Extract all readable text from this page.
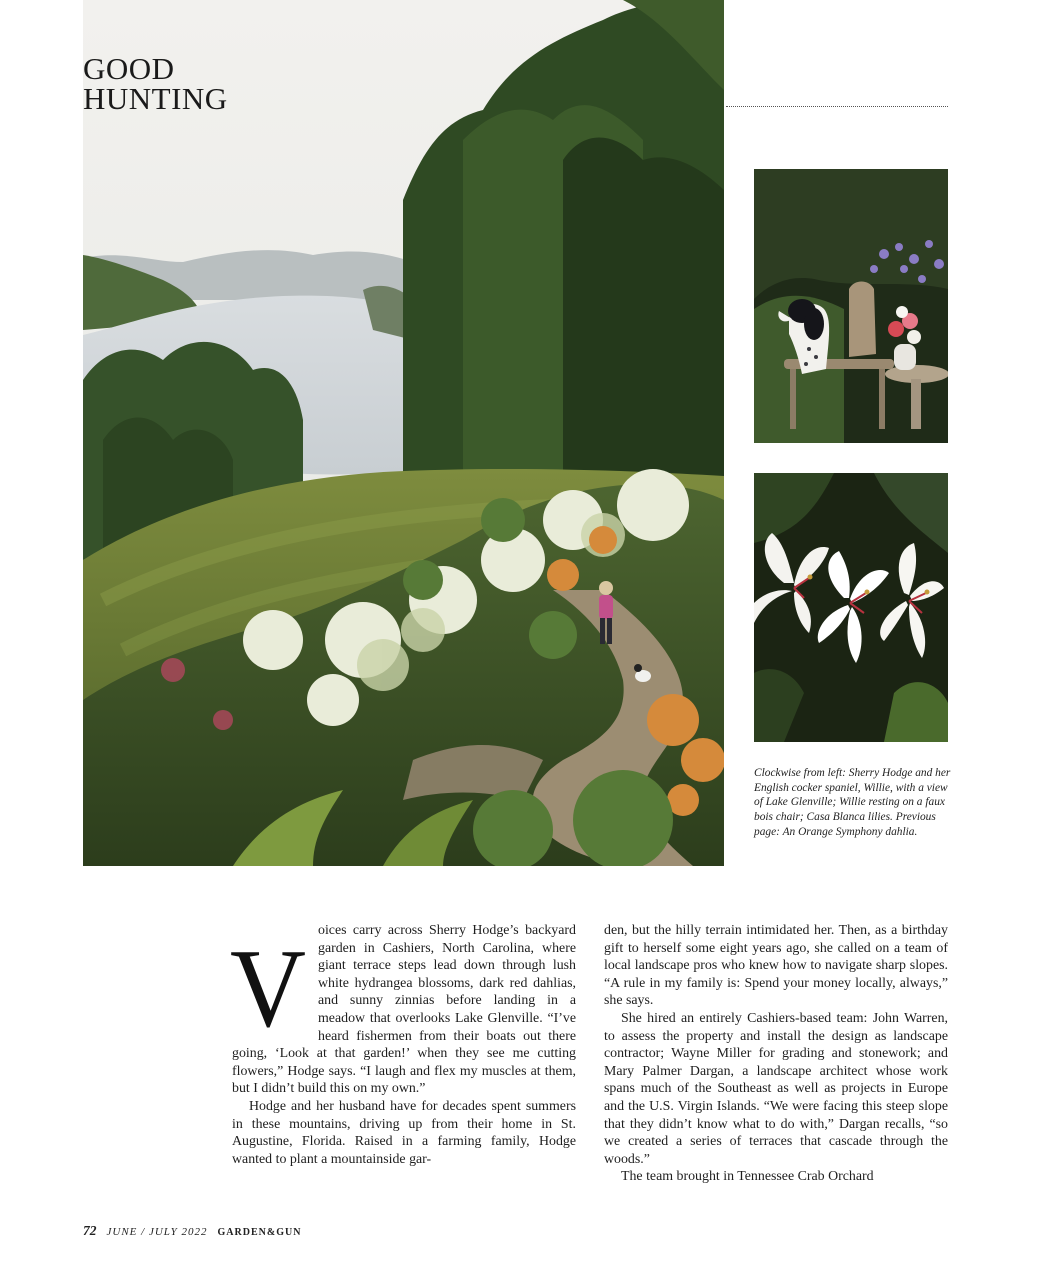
GOOD
HUNTING
Clockwise from left: Sherry Hodge and her English cocker spaniel, Willie, with a view of Lake Glenville; Willie resting on a faux bois chair; Casa Blanca lilies. Previous page: An Orange Symphony dahlia.
V oices carry across Sherry Hodge’s backyard garden in Cashiers, North Carolina, where giant terrace steps lead down through lush white hydrangea blossoms, dark red dahlias, and sunny zinnias before landing in a meadow that overlooks Lake Glenville. “I’ve heard fishermen from their boats out there going, ‘Look at that garden!’ when they see me cutting flowers,” Hodge says. “I laugh and flex my muscles at them, but I didn’t build this on my own.”

Hodge and her husband have for decades spent summers in these mountains, driving up from their home in St. Augustine, Florida. Raised in a farming family, Hodge wanted to plant a mountainside gar-

den, but the hilly terrain intimidated her. Then, as a birthday gift to herself some eight years ago, she called on a team of local landscape pros who knew how to navigate sharp slopes. “A rule in my family is: Spend your money locally, always,” she says.

She hired an entirely Cashiers-based team: John Warren, to assess the property and install the design as landscape contractor; Wayne Miller for grading and stonework; and Mary Palmer Dargan, a landscape architect whose work spans much of the Southeast as well as projects in Europe and the U.S. Virgin Islands. “We were facing this steep slope that they didn’t know what to do with,” Dargan recalls, “so we created a series of terraces that cascade through the woods.”

The team brought in Tennessee Crab Orchard

72 JUNE / JULY 2022 GARDEN&GUN
